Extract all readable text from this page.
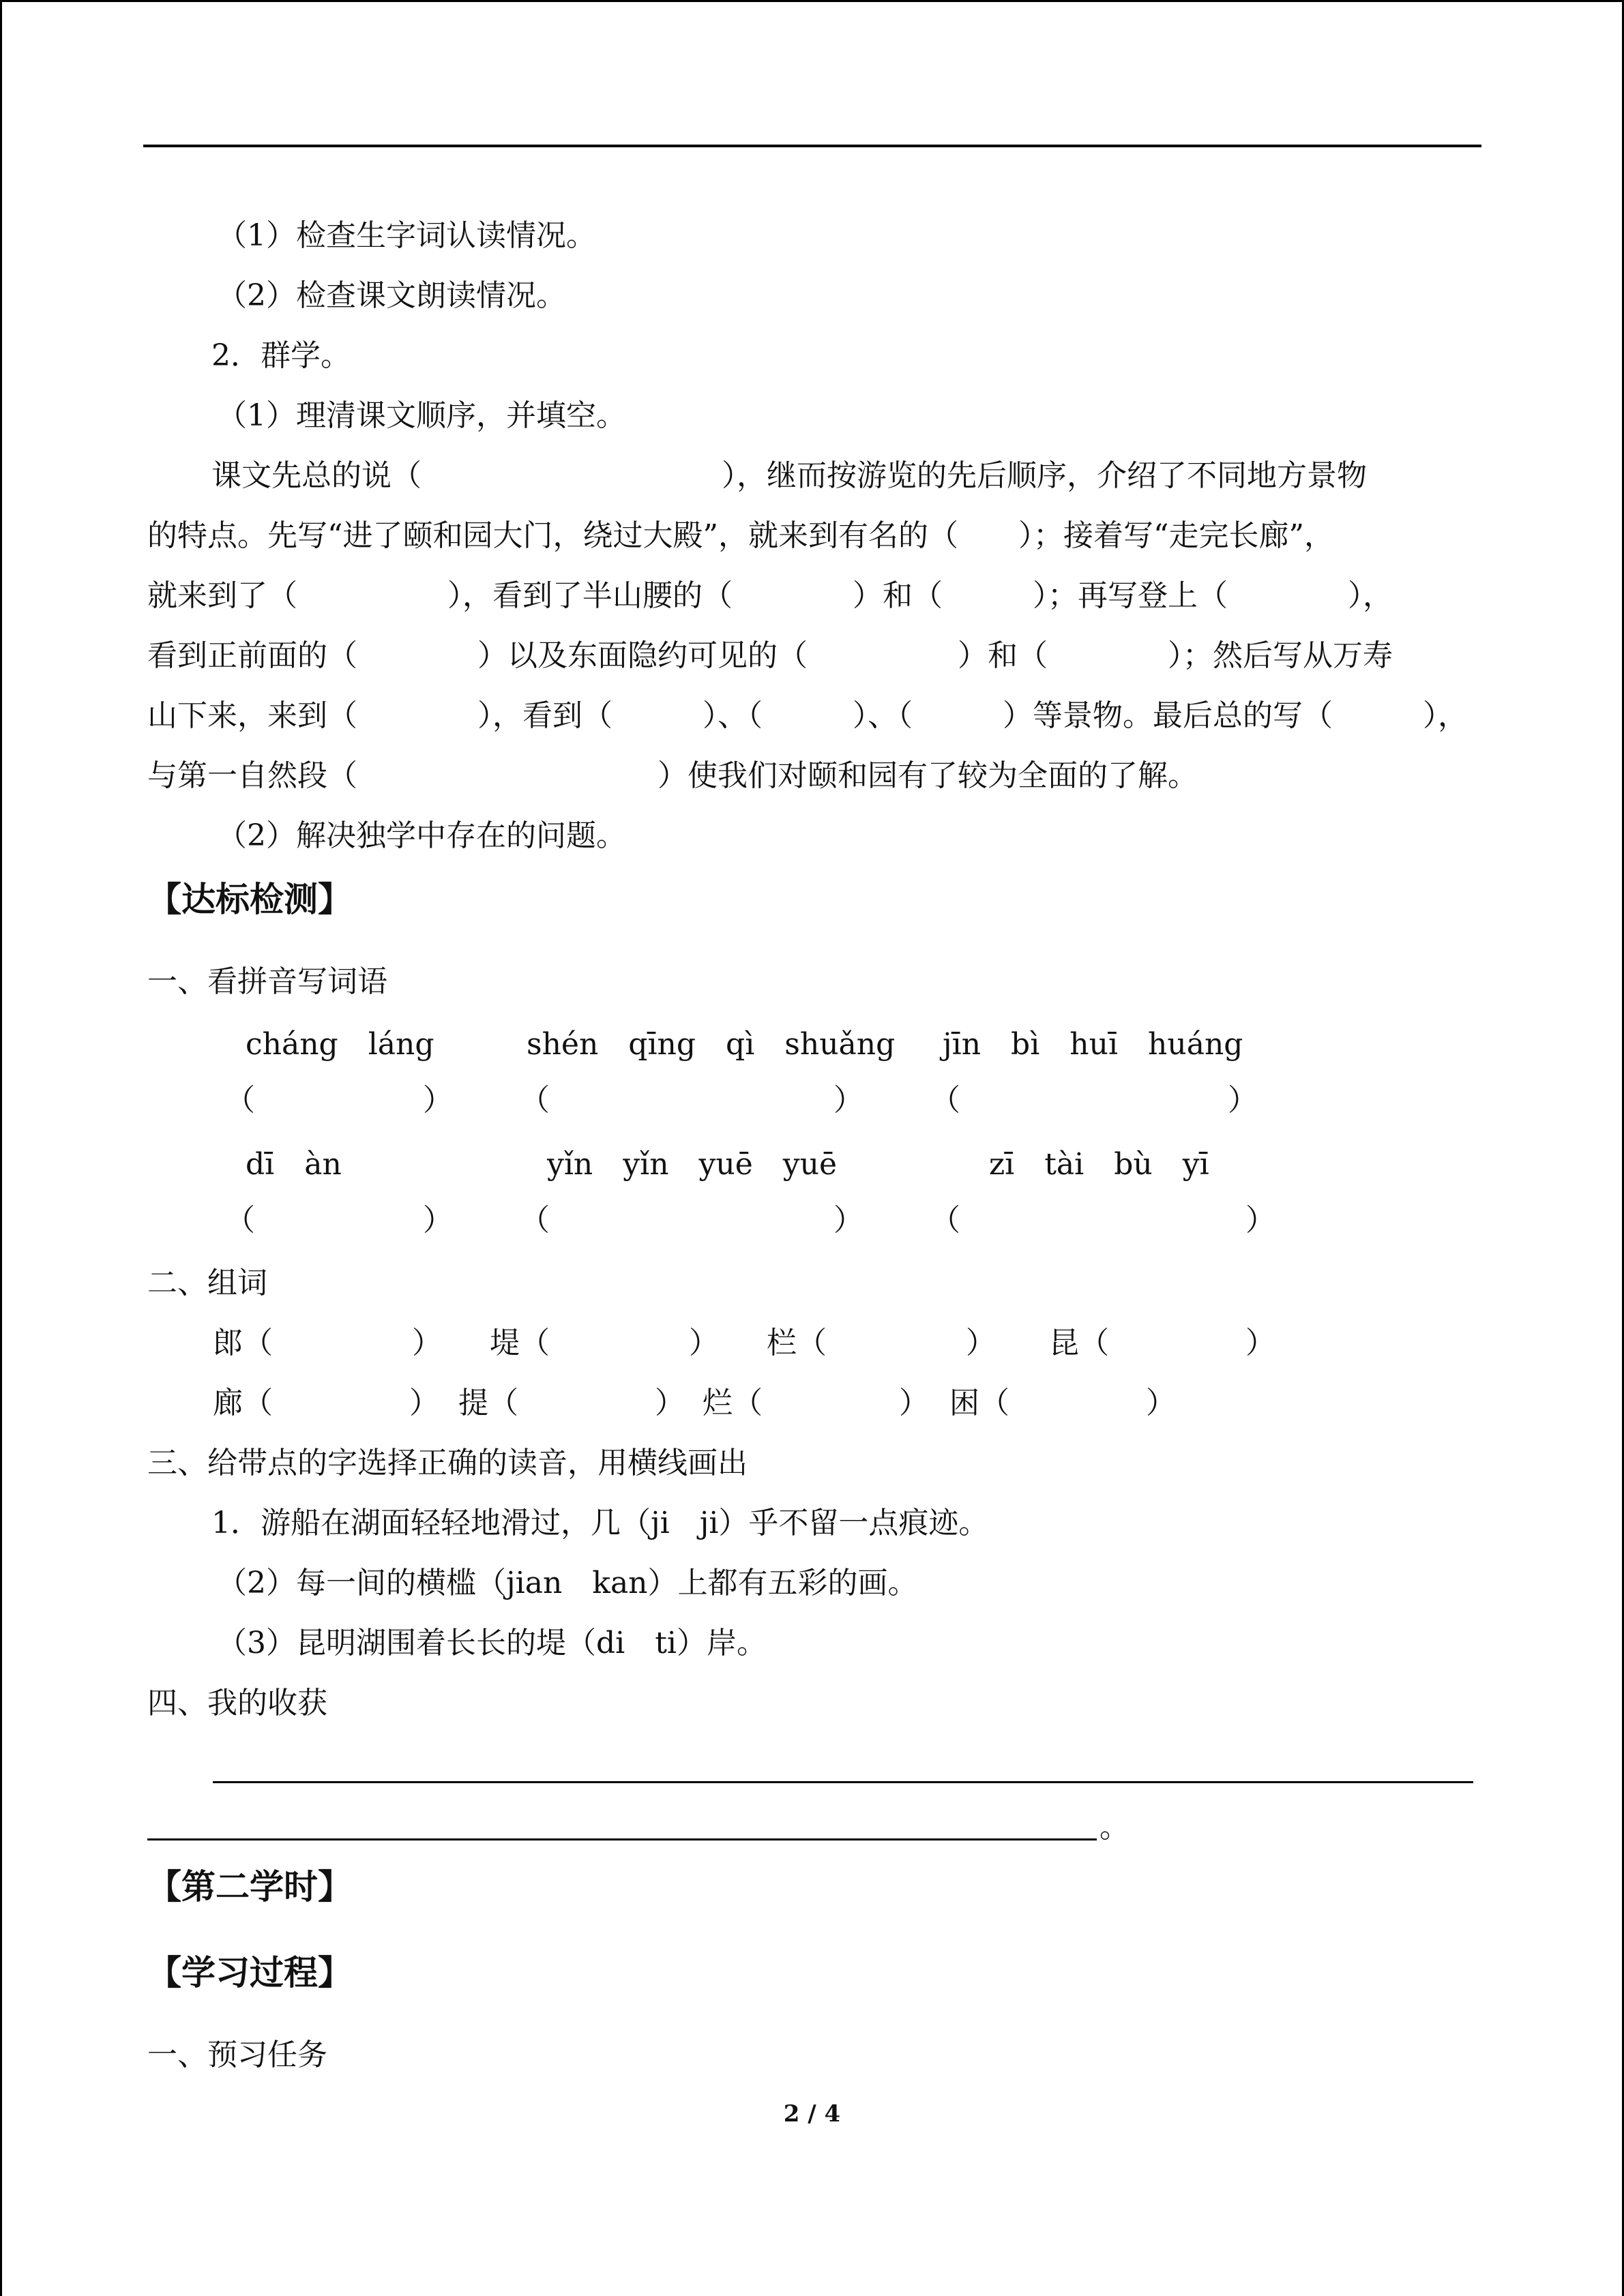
（1）检查生字词认读情况。
（2）检查课文朗读情况。
2．群学。
（1）理清课文顺序，并填空。
课文先总的说（　　　　　　　　　　），继而按游览的先后顺序，介绍了不同地方景物
的特点。先写“进了颐和园大门，绕过大殿”，就来到有名的（　　）；接着写“走完长廊”，
就来到了（　　　　　），看到了半山腰的（　　　　）和（　　　）；再写登上（　　　　），
看到正前面的（　　　　）以及东面隐约可见的（　　　　　）和（　　　　）；然后写从万寿
山下来，来到（　　　　），看到（　　　）、（　　　）、（　　　）等景物。最后总的写（　　　），
与第一自然段（　　　　　　　　　　）使我们对颐和园有了较为全面的了解。
（2）解决独学中存在的问题。
【达标检测】
一、看拼音写词语
cháng　láng	shén　qīng　qì　shuǎng jīn　bì　huī　huáng
（	） （	） （	）
dī　àn	yǐn　yǐn　yuē　yuē	zī　tài　bù　yī
（	） （	） （	）
二、组词
郎（	） 堤（	） 栏（	） 昆（	）
廊（	） 提（	） 烂（	） 困（	）
三、给带点的字选择正确的读音，用横线画出
1．游船在湖面轻轻地滑过，几（ji　ji）乎不留一点痕迹。
（2）每一间的横槛（jian　kan）上都有五彩的画。
（3）昆明湖围着长长的堤（di　ti）岸。
四、我的收获
。
【第二学时】
【学习过程】
一、预习任务
2 / 4
